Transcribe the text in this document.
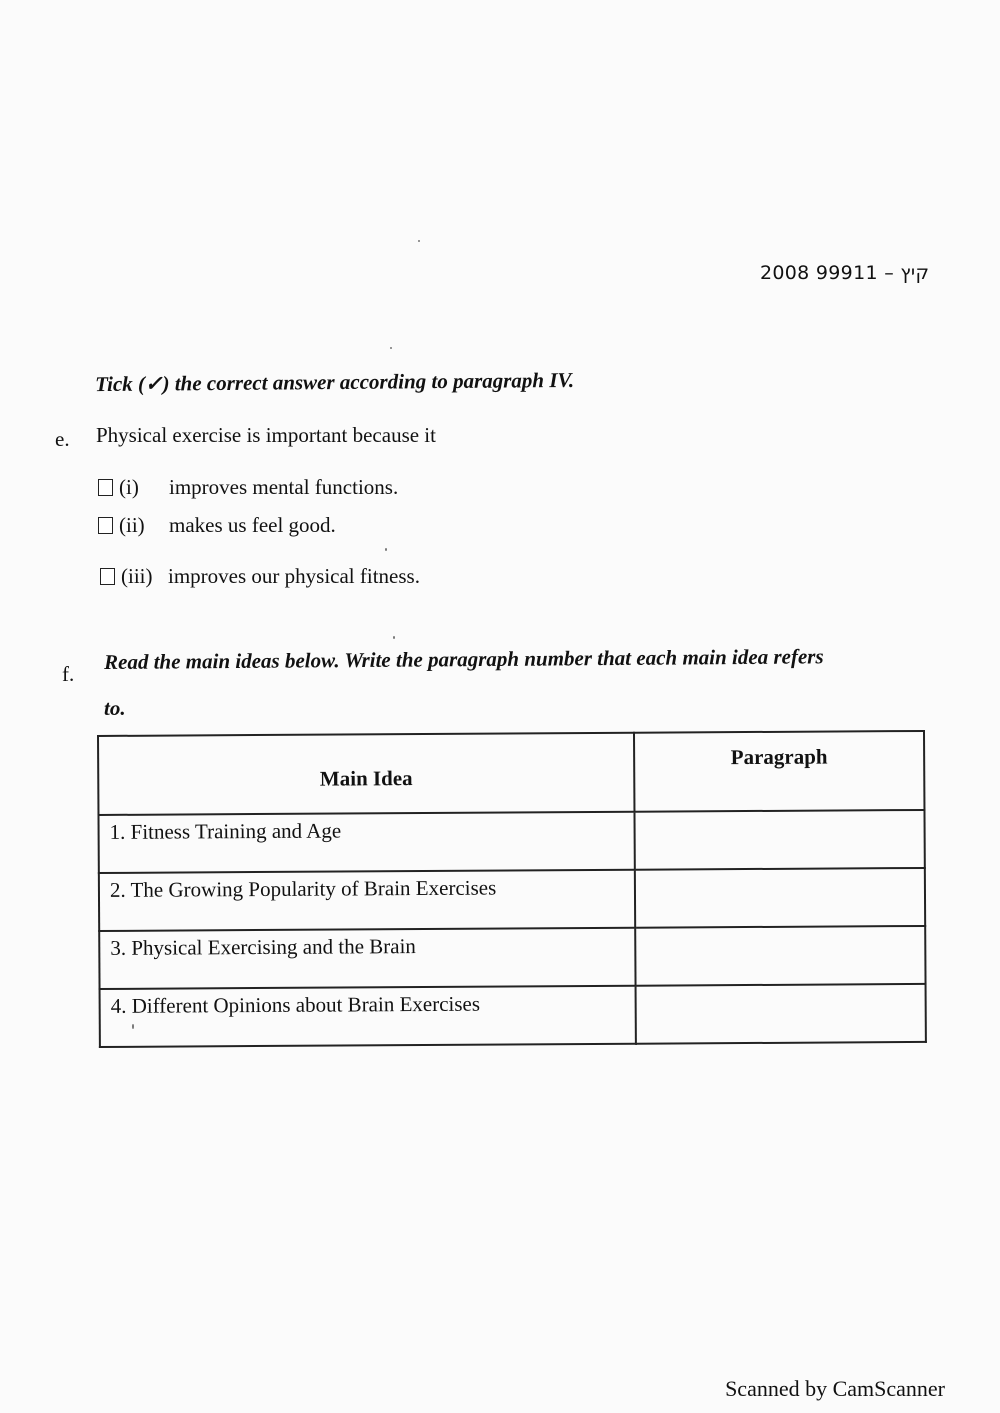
2008 קיץ – 99911
Tick (✓) the correct answer according to paragraph IV.
e. Physical exercise is important because it
(i)	improves mental functions.
(ii)	makes us feel good.
(iii) improves our physical fitness.
f.
Read the main ideas below. Write the paragraph number that each main idea refers
to.
Main Idea	Paragraph
1. Fitness Training and Age	
2. The Growing Popularity of Brain Exercises	
3. Physical Exercising and the Brain	
4. Different Opinions about Brain Exercises	
Scanned by CamScanner
